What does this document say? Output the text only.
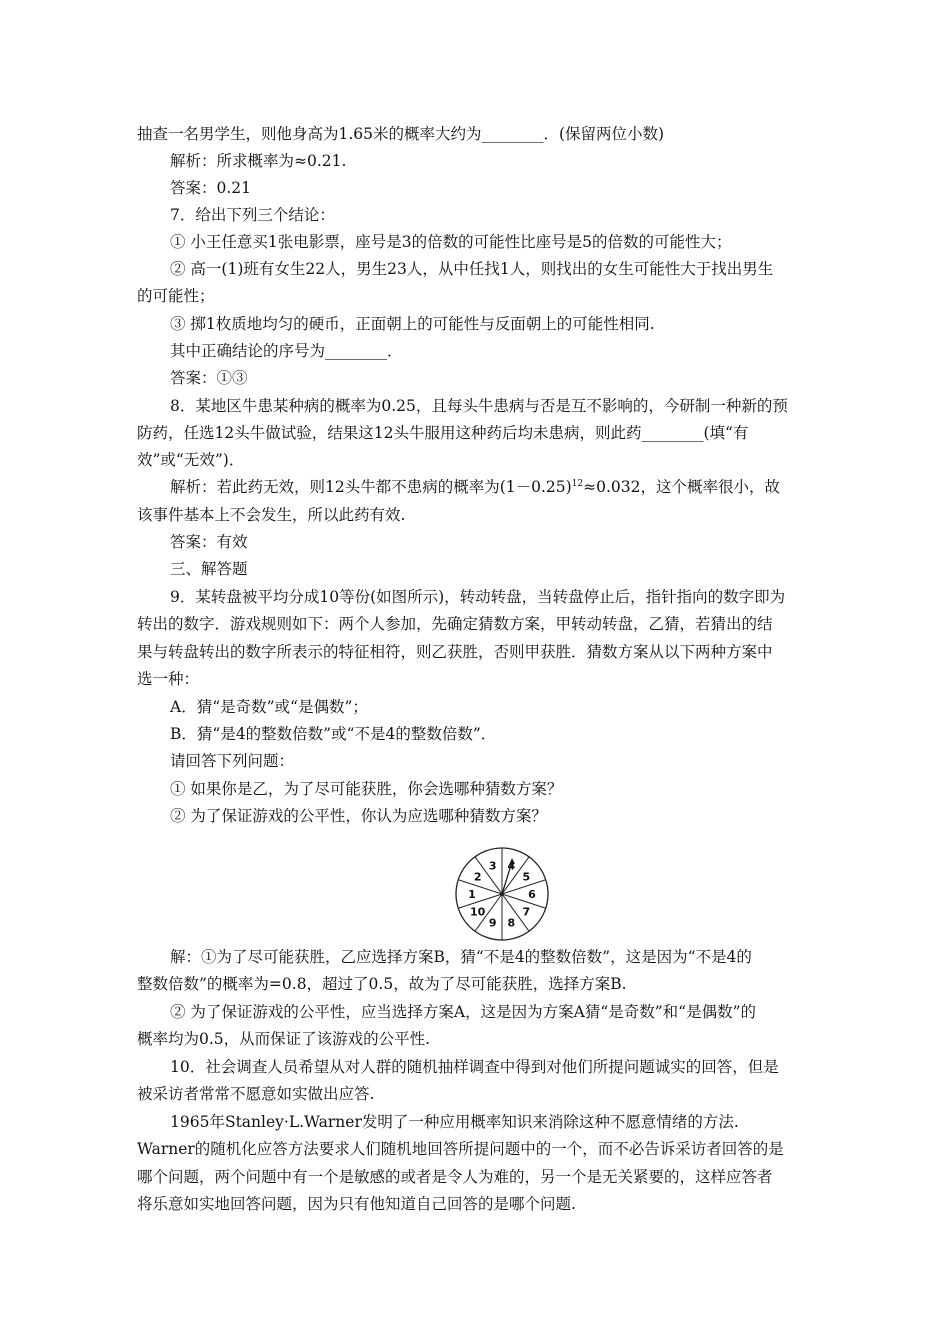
抽查一名男学生，则他身高为1.65米的概率大约为________．(保留两位小数)
解析：所求概率为≈0.21.
答案：0.21
7．给出下列三个结论：
① 小王任意买1张电影票，座号是3的倍数的可能性比座号是5的倍数的可能性大；
② 高一(1)班有女生22人，男生23人，从中任找1人，则找出的女生可能性大于找出男生
的可能性；
③ 掷1枚质地均匀的硬币，正面朝上的可能性与反面朝上的可能性相同.
其中正确结论的序号为________．
答案：①③
8．某地区牛患某种病的概率为0.25，且每头牛患病与否是互不影响的，今研制一种新的预
防药，任选12头牛做试验，结果这12头牛服用这种药后均未患病，则此药________(填“有
效”或“无效”)．
解析：若此药无效，则12头牛都不患病的概率为$(1-0.25)^{12}\approx 0.032$，这个概率很小，故
该事件基本上不会发生，所以此药有效.
答案：有效
三、解答题
9．某转盘被平均分成10等份(如图所示)，转动转盘，当转盘停止后，指针指向的数字即为
转出的数字．游戏规则如下：两个人参加，先确定猜数方案，甲转动转盘，乙猜，若猜出的结
果与转盘转出的数字所表示的特征相符，则乙获胜，否则甲获胜．猜数方案从以下两种方案中
选一种：
A．猜“是奇数”或“是偶数”；
B．猜“是4的整数倍数”或“不是4的整数倍数”．
请回答下列问题：
① 如果你是乙，为了尽可能获胜，你会选哪种猜数方案？
② 为了保证游戏的公平性，你认为应选哪种猜数方案？
1
2
3 4
5
6
7
8
9
10
解：①为了尽可能获胜，乙应选择方案B，猜“不是4的整数倍数”，这是因为“不是4的
整数倍数”的概率为=0.8，超过了0.5，故为了尽可能获胜，选择方案B.
② 为了保证游戏的公平性，应当选择方案A，这是因为方案A猜“是奇数”和“是偶数”的
概率均为0.5，从而保证了该游戏的公平性.
10．社会调查人员希望从对人群的随机抽样调查中得到对他们所提问题诚实的回答，但是
被采访者常常不愿意如实做出应答.
1965年Stanley·L.Warner发明了一种应用概率知识来消除这种不愿意情绪的方法.
Warner的随机化应答方法要求人们随机地回答所提问题中的一个，而不必告诉采访者回答的是
哪个问题，两个问题中有一个是敏感的或者是令人为难的，另一个是无关紧要的，这样应答者
将乐意如实地回答问题，因为只有他知道自己回答的是哪个问题.
